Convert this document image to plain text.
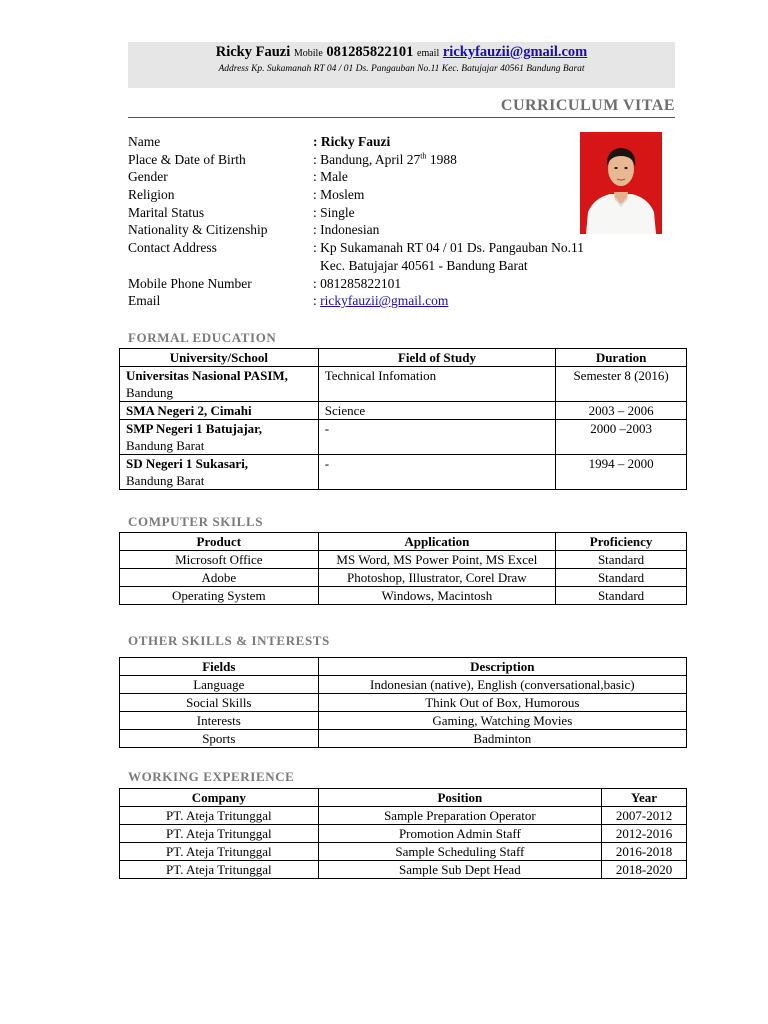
Ricky Fauzi Mobile 081285822101 email rickyfauzii@gmail.com
Address Kp. Sukamanah RT 04 / 01 Ds. Pangauban No.11 Kec. Batujajar 40561 Bandung Barat
CURRICULUM VITAE
Name	: Ricky Fauzi
Place & Date of Birth	: Bandung, April 27th 1988
Gender	: Male
Religion	: Moslem
Marital Status	: Single
Nationality & Citizenship	: Indonesian
Contact Address	: Kp Sukamanah RT 04 / 01 Ds. Pangauban No.11
Kec. Batujajar 40561 - Bandung Barat
Mobile Phone Number	: 081285822101
Email	: rickyfauzii@gmail.com
FORMAL EDUCATION
University/School	Field of Study	Duration

Universitas Nasional PASIM,
Bandung	Technical Infomation	Semester 8 (2016)

SMA Negeri 2, Cimahi	Science	2003 – 2006

SMP Negeri 1 Batujajar,
Bandung Barat	-	2000 –2003

SD Negeri 1 Sukasari,
Bandung Barat	-	1994 – 2000
COMPUTER SKILLS
Product	Application	Proficiency
Microsoft Office	MS Word, MS Power Point, MS Excel	Standard
Adobe	Photoshop, Illustrator, Corel Draw	Standard
Operating System	Windows, Macintosh	Standard
OTHER SKILLS & INTERESTS
Fields	Description
Language	Indonesian (native), English (conversational,basic)
Social Skills	Think Out of Box, Humorous
Interests	Gaming, Watching Movies
Sports	Badminton
WORKING EXPERIENCE
Company	Position	Year
PT. Ateja Tritunggal	Sample Preparation Operator	2007-2012
PT. Ateja Tritunggal	Promotion Admin Staff	2012-2016
PT. Ateja Tritunggal	Sample Scheduling Staff	2016-2018
PT. Ateja Tritunggal	Sample Sub Dept Head	2018-2020
